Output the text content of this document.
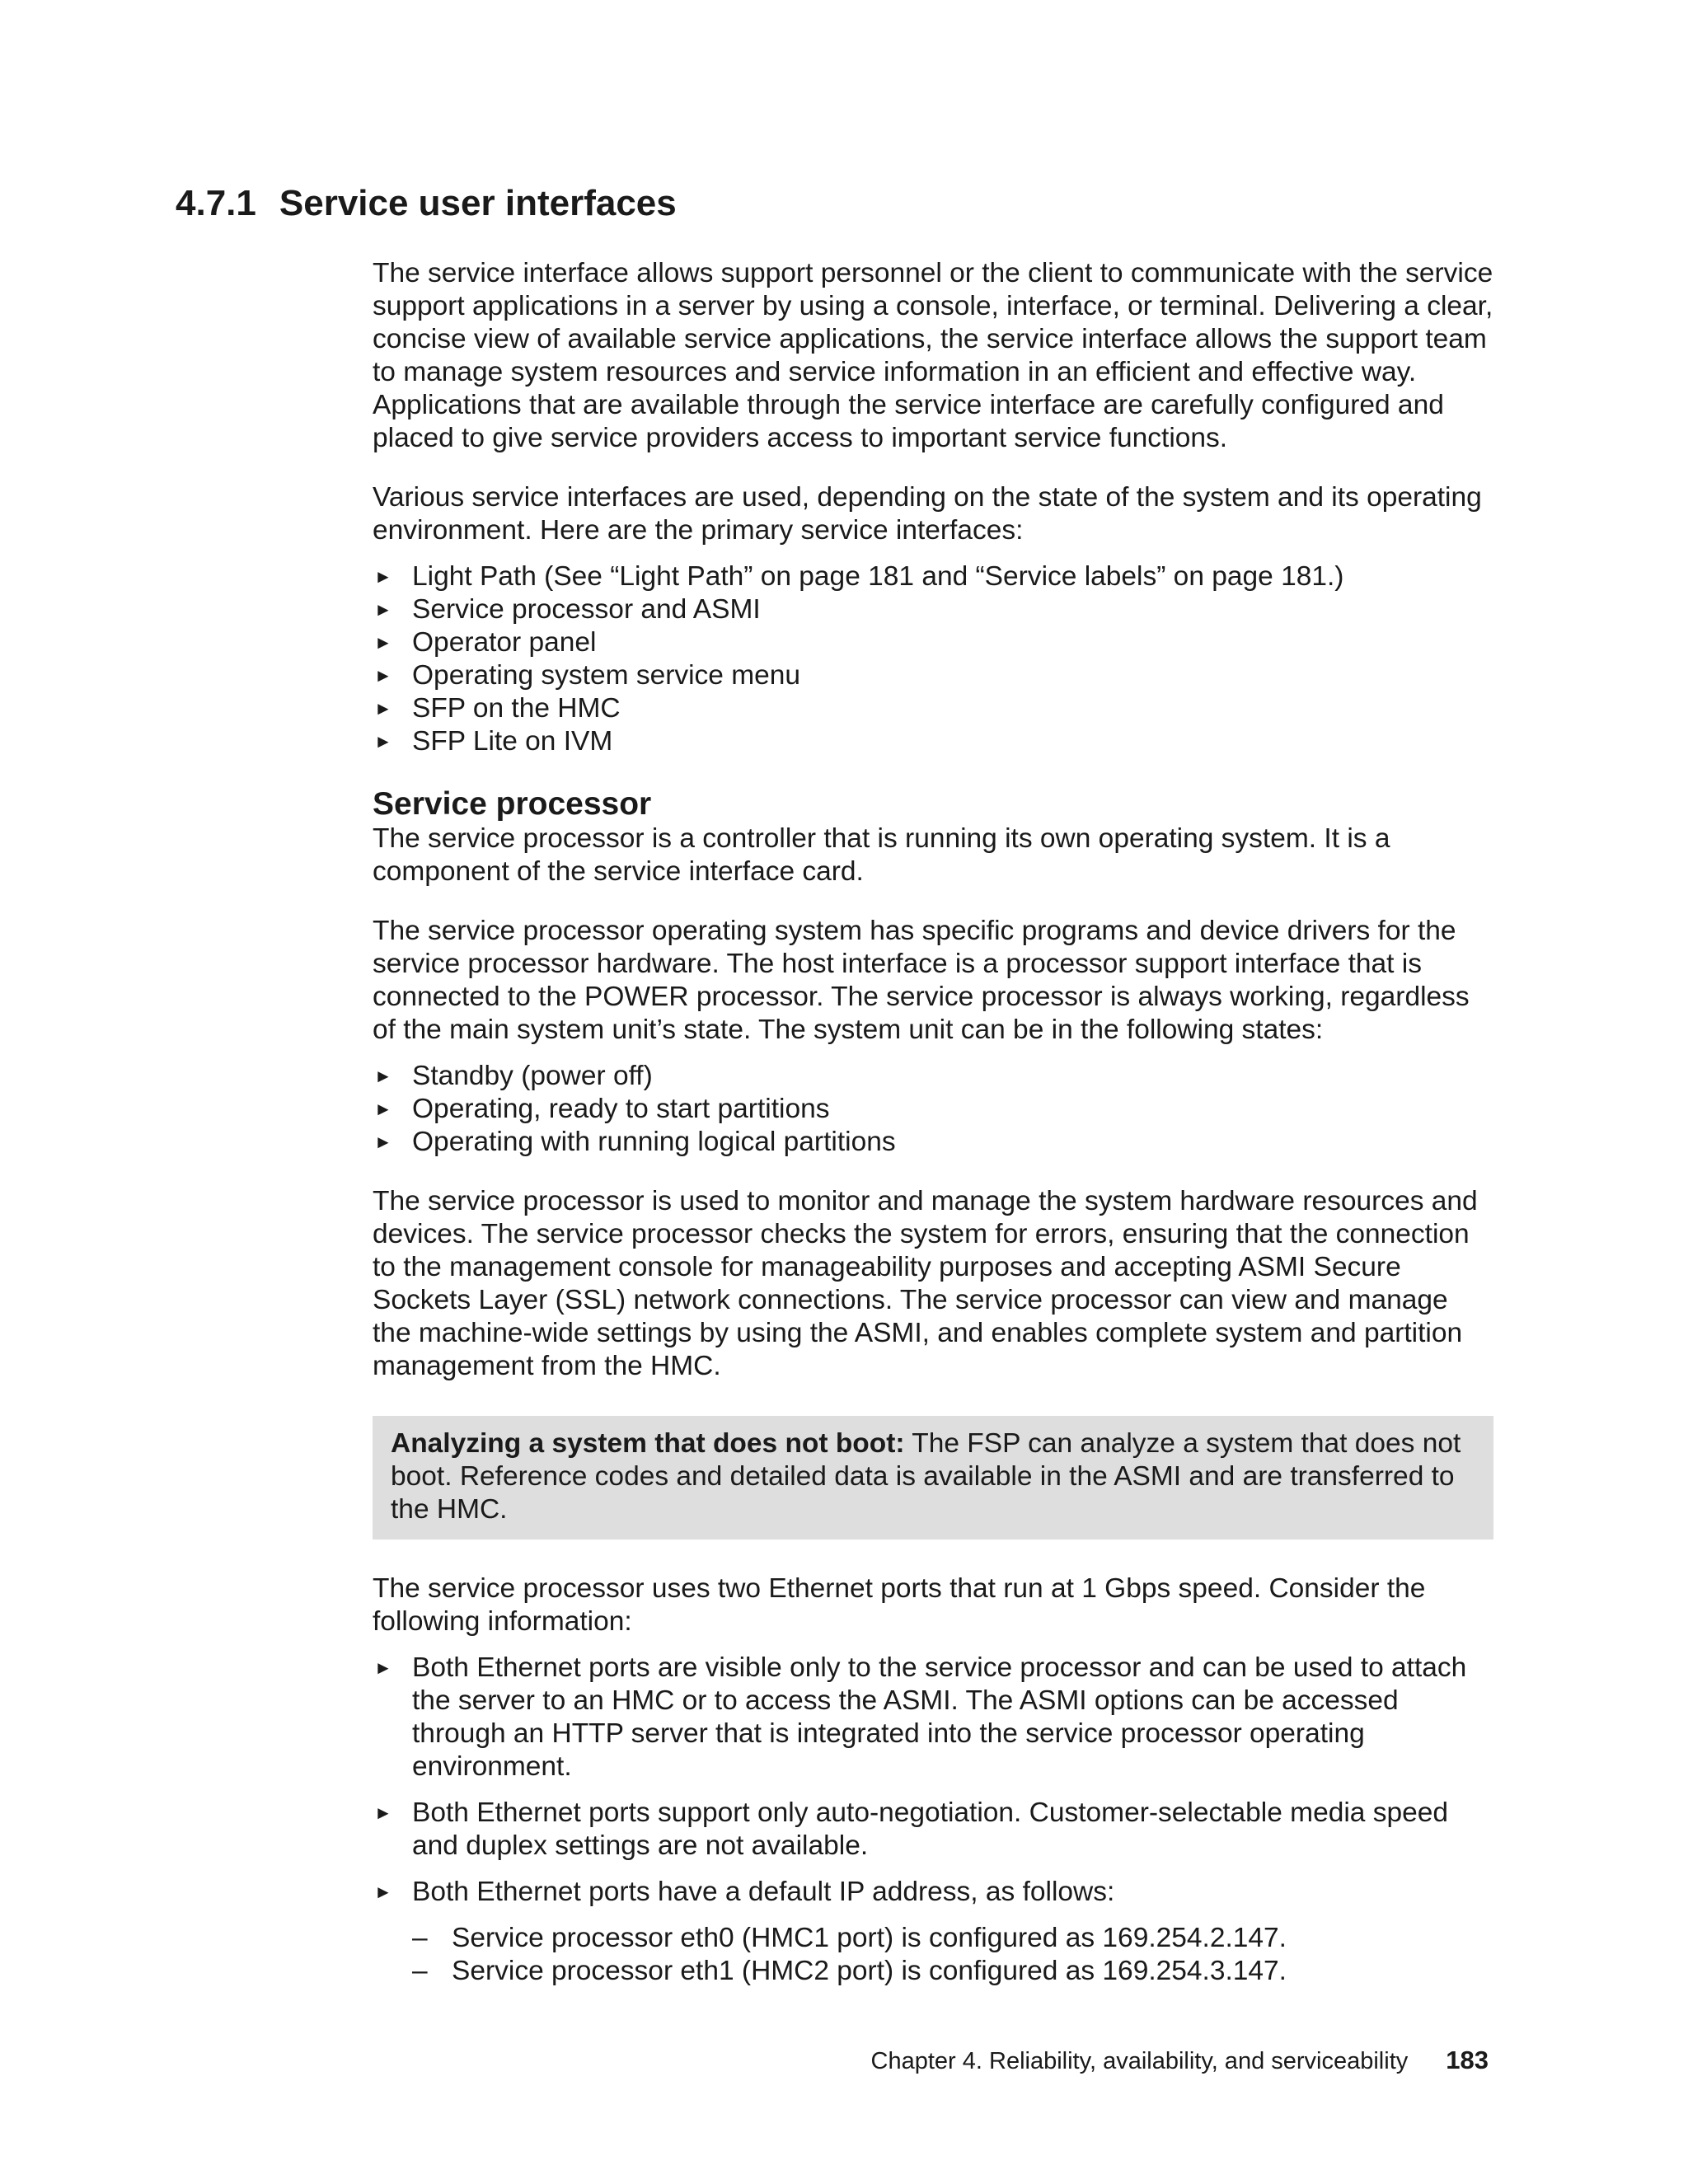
4.7.1 Service user interfaces

The service interface allows support personnel or the client to communicate with the service support applications in a server by using a console, interface, or terminal. Delivering a clear, concise view of available service applications, the service interface allows the support team to manage system resources and service information in an efficient and effective way. Applications that are available through the service interface are carefully configured and placed to give service providers access to important service functions.

Various service interfaces are used, depending on the state of the system and its operating environment. Here are the primary service interfaces:

► Light Path (See “Light Path” on page 181 and “Service labels” on page 181.)
► Service processor and ASMI
► Operator panel
► Operating system service menu
► SFP on the HMC
► SFP Lite on IVM
Service processor

The service processor is a controller that is running its own operating system. It is a component of the service interface card.

The service processor operating system has specific programs and device drivers for the service processor hardware. The host interface is a processor support interface that is connected to the POWER processor. The service processor is always working, regardless of the main system unit’s state. The system unit can be in the following states:

► Standby (power off)
► Operating, ready to start partitions
► Operating with running logical partitions

The service processor is used to monitor and manage the system hardware resources and devices. The service processor checks the system for errors, ensuring that the connection to the management console for manageability purposes and accepting ASMI Secure Sockets Layer (SSL) network connections. The service processor can view and manage the machine-wide settings by using the ASMI, and enables complete system and partition management from the HMC.

Analyzing a system that does not boot: The FSP can analyze a system that does not boot. Reference codes and detailed data is available in the ASMI and are transferred to the HMC.

The service processor uses two Ethernet ports that run at 1 Gbps speed. Consider the following information:

► Both Ethernet ports are visible only to the service processor and can be used to attach the server to an HMC or to access the ASMI. The ASMI options can be accessed through an HTTP server that is integrated into the service processor operating environment.
► Both Ethernet ports support only auto-negotiation. Customer-selectable media speed and duplex settings are not available.
► Both Ethernet ports have a default IP address, as follows:
– Service processor eth0 (HMC1 port) is configured as 169.254.2.147.
– Service processor eth1 (HMC2 port) is configured as 169.254.3.147.
Chapter 4. Reliability, availability, and serviceability 183
